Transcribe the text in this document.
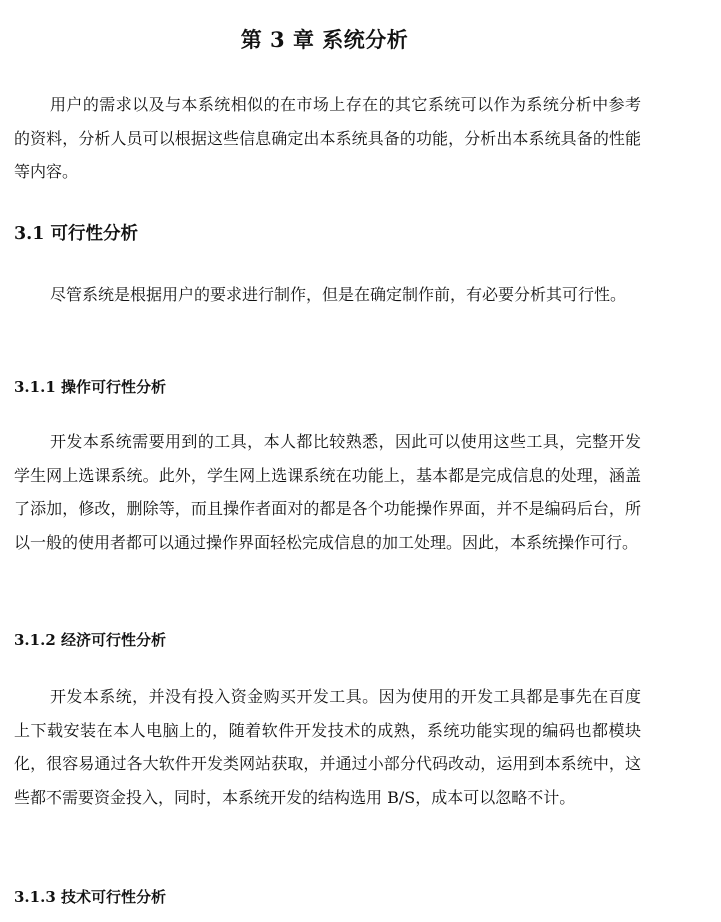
第 3 章 系统分析

用户的需求以及与本系统相似的在市场上存在的其它系统可以作为系统分析中参考的资料，分析人员可以根据这些信息确定出本系统具备的功能，分析出本系统具备的性能等内容。

3.1 可行性分析

尽管系统是根据用户的要求进行制作，但是在确定制作前，有必要分析其可行性。

3.1.1 操作可行性分析

开发本系统需要用到的工具，本人都比较熟悉，因此可以使用这些工具，完整开发学生网上选课系统。此外，学生网上选课系统在功能上，基本都是完成信息的处理，涵盖了添加，修改，删除等，而且操作者面对的都是各个功能操作界面，并不是编码后台，所以一般的使用者都可以通过操作界面轻松完成信息的加工处理。因此，本系统操作可行。

3.1.2 经济可行性分析

开发本系统，并没有投入资金购买开发工具。因为使用的开发工具都是事先在百度上下载安装在本人电脑上的，随着软件开发技术的成熟，系统功能实现的编码也都模块化，很容易通过各大软件开发类网站获取，并通过小部分代码改动，运用到本系统中，这些都不需要资金投入，同时，本系统开发的结构选用 B/S，成本可以忽略不计。

3.1.3 技术可行性分析
